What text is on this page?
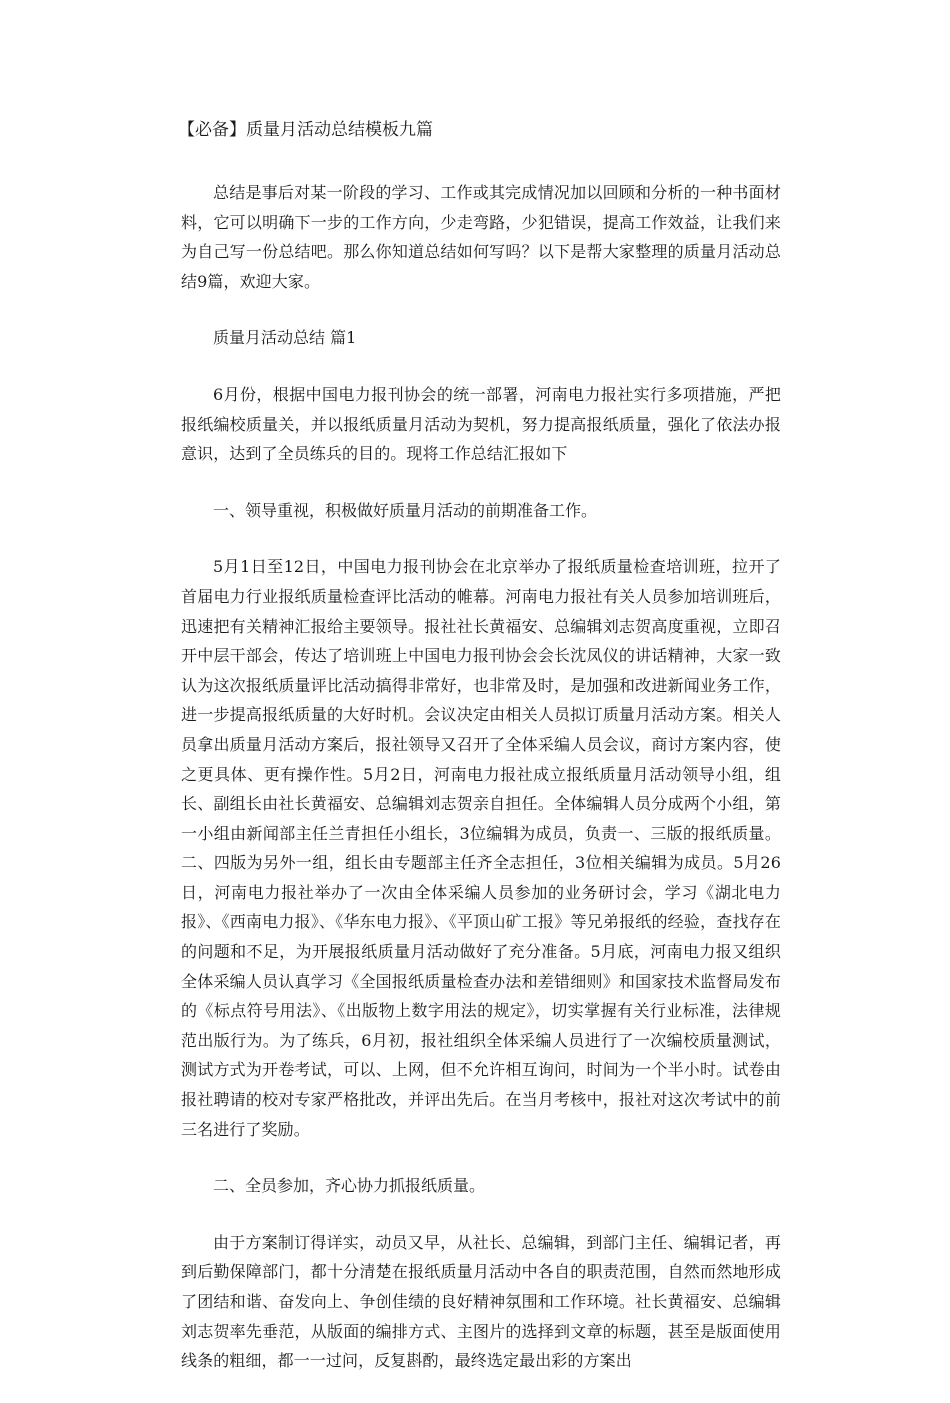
【必备】质量月活动总结模板九篇

总结是事后对某一阶段的学习、工作或其完成情况加以回顾和分析的一种书面材料，它可以明确下一步的工作方向，少走弯路，少犯错误，提高工作效益，让我们来为自己写一份总结吧。那么你知道总结如何写吗？以下是帮大家整理的质量月活动总结9篇，欢迎大家。

质量月活动总结 篇1

6月份，根据中国电力报刊协会的统一部署，河南电力报社实行多项措施，严把报纸编校质量关，并以报纸质量月活动为契机，努力提高报纸质量，强化了依法办报意识，达到了全员练兵的目的。现将工作总结汇报如下

一、领导重视，积极做好质量月活动的前期准备工作。

5月1日至12日，中国电力报刊协会在北京举办了报纸质量检查培训班，拉开了首届电力行业报纸质量检查评比活动的帷幕。河南电力报社有关人员参加培训班后，迅速把有关精神汇报给主要领导。报社社长黄福安、总编辑刘志贺高度重视，立即召开中层干部会，传达了培训班上中国电力报刊协会会长沈凤仪的讲话精神，大家一致认为这次报纸质量评比活动搞得非常好，也非常及时，是加强和改进新闻业务工作，进一步提高报纸质量的大好时机。会议决定由相关人员拟订质量月活动方案。相关人员拿出质量月活动方案后，报社领导又召开了全体采编人员会议，商讨方案内容，使之更具体、更有操作性。5月2日，河南电力报社成立报纸质量月活动领导小组，组长、副组长由社长黄福安、总编辑刘志贺亲自担任。全体编辑人员分成两个小组，第一小组由新闻部主任兰青担任小组长，3位编辑为成员，负责一、三版的报纸质量。二、四版为另外一组，组长由专题部主任齐全志担任，3位相关编辑为成员。5月26日，河南电力报社举办了一次由全体采编人员参加的业务研讨会，学习《湖北电力报》、《西南电力报》、《华东电力报》、《平顶山矿工报》等兄弟报纸的经验，查找存在的问题和不足，为开展报纸质量月活动做好了充分准备。5月底，河南电力报又组织全体采编人员认真学习《全国报纸质量检查办法和差错细则》和国家技术监督局发布的《标点符号用法》、《出版物上数字用法的规定》，切实掌握有关行业标准，法律规范出版行为。为了练兵，6月初，报社组织全体采编人员进行了一次编校质量测试，测试方式为开卷考试，可以、上网，但不允许相互询问，时间为一个半小时。试卷由报社聘请的校对专家严格批改，并评出先后。在当月考核中，报社对这次考试中的前三名进行了奖励。

二、全员参加，齐心协力抓报纸质量。

由于方案制订得详实，动员又早，从社长、总编辑，到部门主任、编辑记者，再到后勤保障部门，都十分清楚在报纸质量月活动中各自的职责范围，自然而然地形成了团结和谐、奋发向上、争创佳绩的良好精神氛围和工作环境。社长黄福安、总编辑刘志贺率先垂范，从版面的编排方式、主图片的选择到文章的标题，甚至是版面使用线条的粗细，都一一过问，反复斟酌，最终选定最出彩的方案出
